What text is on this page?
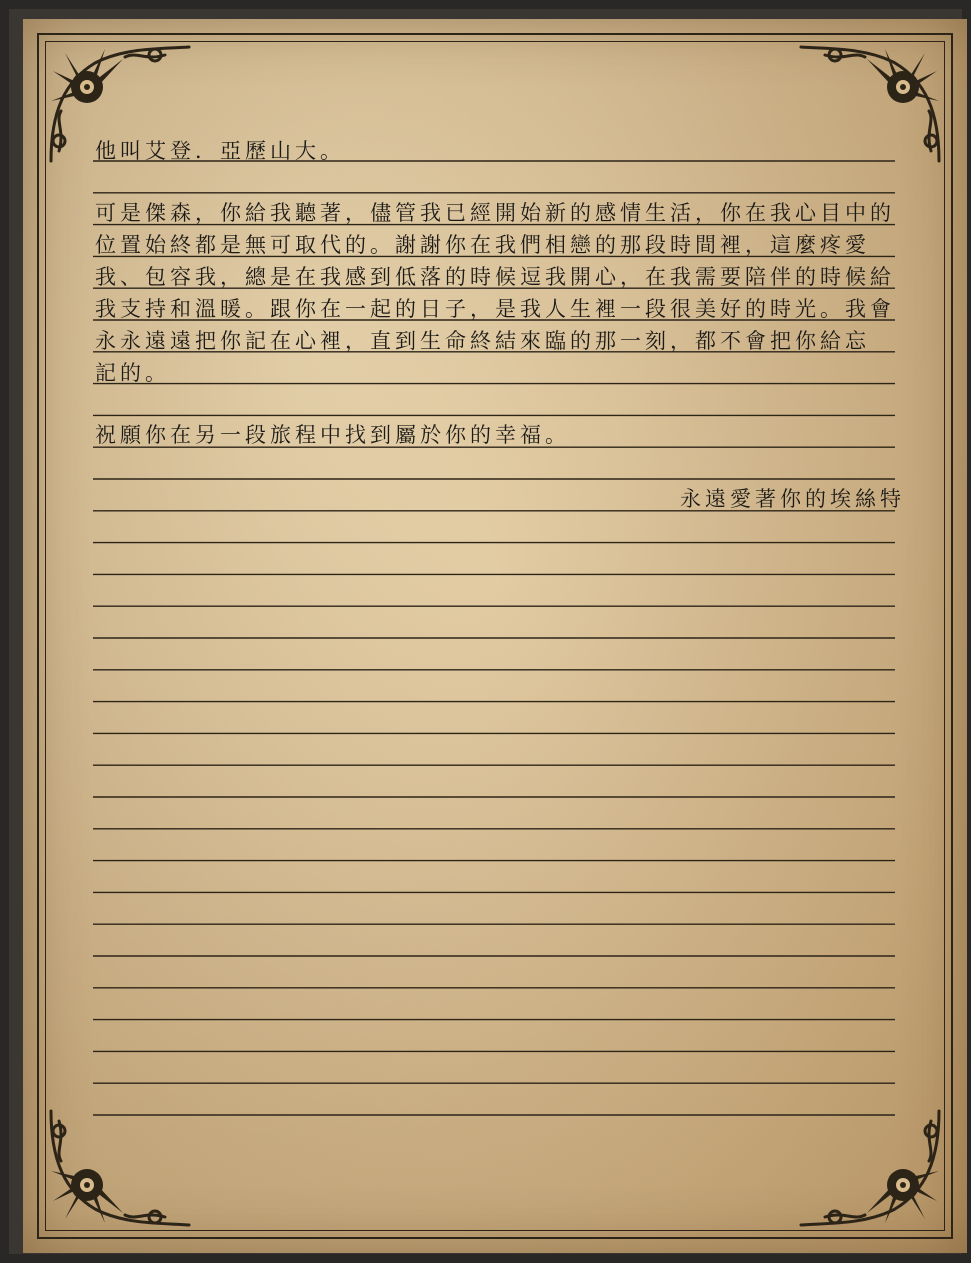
他叫艾登．亞歷山大。
可是傑森，你給我聽著，儘管我已經開始新的感情生活，你在我心目中的
位置始終都是無可取代的。謝謝你在我們相戀的那段時間裡，這麼疼愛
我、包容我，總是在我感到低落的時候逗我開心，在我需要陪伴的時候給
我支持和溫暖。跟你在一起的日子，是我人生裡一段很美好的時光。我會
永永遠遠把你記在心裡，直到生命終結來臨的那一刻，都不會把你給忘
記的。
祝願你在另一段旅程中找到屬於你的幸福。
永遠愛著你的埃絲特
